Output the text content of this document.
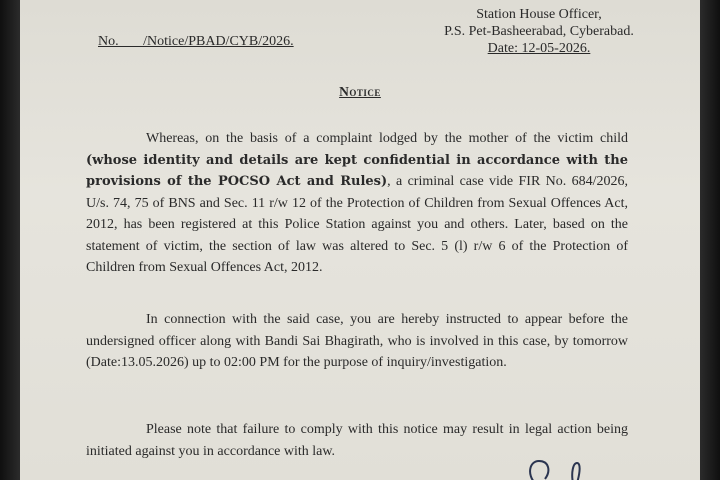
Station House Officer,
P.S. Pet-Basheerabad, Cyberabad.
Date: 12-05-2026.
No.       /Notice/PBAD/CYB/2026.
Notice
Whereas, on the basis of a complaint lodged by the mother of the victim child (whose identity and details are kept confidential in accordance with the provisions of the POCSO Act and Rules), a criminal case vide FIR No. 684/2026, U/s. 74, 75 of BNS and Sec. 11 r/w 12 of the Protection of Children from Sexual Offences Act, 2012, has been registered at this Police Station against you and others. Later, based on the statement of victim, the section of law was altered to Sec. 5 (l) r/w 6 of the Protection of Children from Sexual Offences Act, 2012.
In connection with the said case, you are hereby instructed to appear before the undersigned officer along with Bandi Sai Bhagirath, who is involved in this case, by tomorrow (Date:13.05.2026) up to 02:00 PM for the purpose of inquiry/investigation.
Please note that failure to comply with this notice may result in legal action being initiated against you in accordance with law.
